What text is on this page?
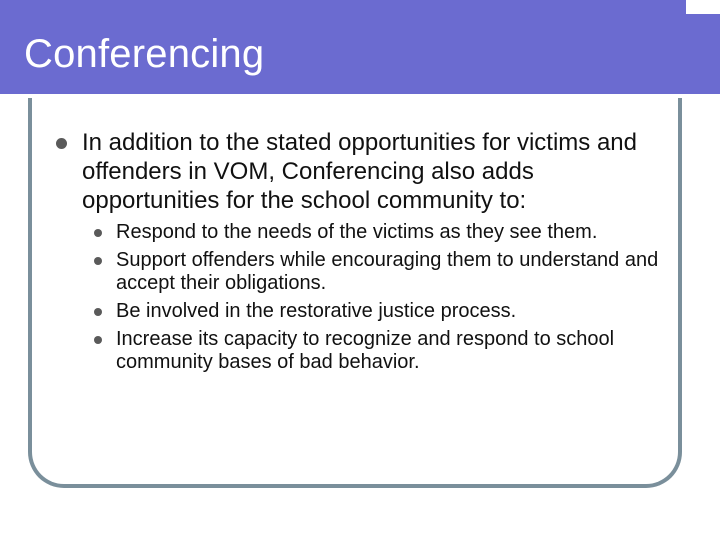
Conferencing
In addition to the stated opportunities for victims and offenders in VOM, Conferencing also adds opportunities for the school community to:
Respond to the needs of the victims as they see them.
Support offenders while encouraging them to understand and accept their obligations.
Be involved in the restorative justice process.
Increase its capacity to recognize and respond to school community bases of bad behavior.
